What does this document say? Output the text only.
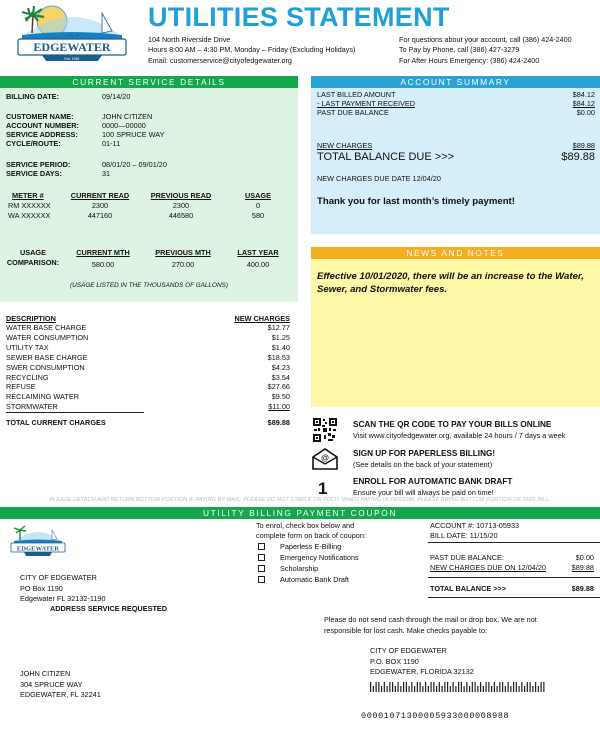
City of
EDGEWATER
Est. 1951
UTILITIES STATEMENT
104 North Riverside Drive
Hours 8:00 AM – 4:30 PM, Monday – Friday (Excluding Holidays)
Email: customerservice@cityofedgewater.org
For questions about your account, call (386) 424-2400
To Pay by Phone, call (386) 427-3279
For After Hours Emergency: (386) 424-2400
CURRENT SERVICE DETAILS
BILLING DATE:	09/14/20
CUSTOMER NAME:	JOHN CITIZEN
ACCOUNT NUMBER:	0000—00000
SERVICE ADDRESS:	100 SPRUCE WAY
CYCLE/ROUTE:	01-11
SERVICE PERIOD:	08/01/20 – 09/01/20
SERVICE DAYS:	31
METER #	CURRENT READ	PREVIOUS READ	USAGE
RM XXXXXX	2300	2300	0
WA XXXXXX	447160	446580	580
USAGE
COMPARISON:
CURRENT MTH	PREVIOUS MTH	LAST YEAR
580.00	270.00	400.00
(USAGE LISTED IN THE THOUSANDS OF GALLONS)
DESCRIPTION	NEW CHARGES
WATER BASE CHARGE	$12.77
WATER CONSUMPTION	$1.25
UTILITY TAX	$1.40
SEWER BASE CHARGE	$18.53
SWER CONSUMPTION	$4.23
RECYCLING	$3.54
REFUSE	$27.66
RECLAIMING WATER	$9.50
STORMWATER	$11.00
TOTAL CURRENT CHARGES	$89.88
ACCOUNT SUMMARY
LAST BILLED AMOUNT	$84.12
- LAST PAYMENT RECEIVED	$84.12
PAST DUE BALANCE	$0.00
NEW CHARGES	$89.88
TOTAL BALANCE DUE >>>	$89.88
NEW CHARGES DUE DATE 12/04/20
Thank you for last month’s timely payment!
NEWS AND NOTES
Effective 10/01/2020, there will be an increase to the Water, Sewer, and Stormwater fees.
SCAN THE QR CODE TO PAY YOUR BILLS ONLINE
Visit www.cityofedgewater.org, available 24 hours / 7 days a week
@	SIGN UP FOR PAPERLESS BILLING!
(See details on the back of your statement)
1	ENROLL FOR AUTOMATIC BANK DRAFT
Ensure your bill will always be paid on time!
PLEASE DETACH AND RETURN BOTTOM PORTION IF PAYING BY MAIL. PLEASE DO NOT STAPLE OR FOLD. WHEN PAYING IN PERSON, PLEASE BRING BOTTOM PORTION OF THIS BILL.
UTILITY BILLING PAYMENT COUPON
EDGEWATER
To enrol, check box below and complete form on back of coupon:
Paperless E-Billing
Emergency Notifications
Scholarship
Automatic Bank Draft
ACCOUNT #: 10713-05933
BILL DATE: 11/15/20
PAST DUE BALANCE:	$0.00
NEW CHARGES DUE ON 12/04/20	$89.88
TOTAL BALANCE >>>	$89.88
CITY OF EDGEWATER
PO Box 1190
Edgewater FL 32132-1190
ADDRESS SERVICE REQUESTED
Please do not send cash through the mail or drop box. We are not responsible for lost cash. Make checks payable to:
CITY OF EDGEWATER
P.O. BOX 1190
EDGEWATER, FLORIDA 32132
JOHN CITIZEN
304 SPRUCE WAY
EDGEWATER, FL 32241
00001071300005933000008988
